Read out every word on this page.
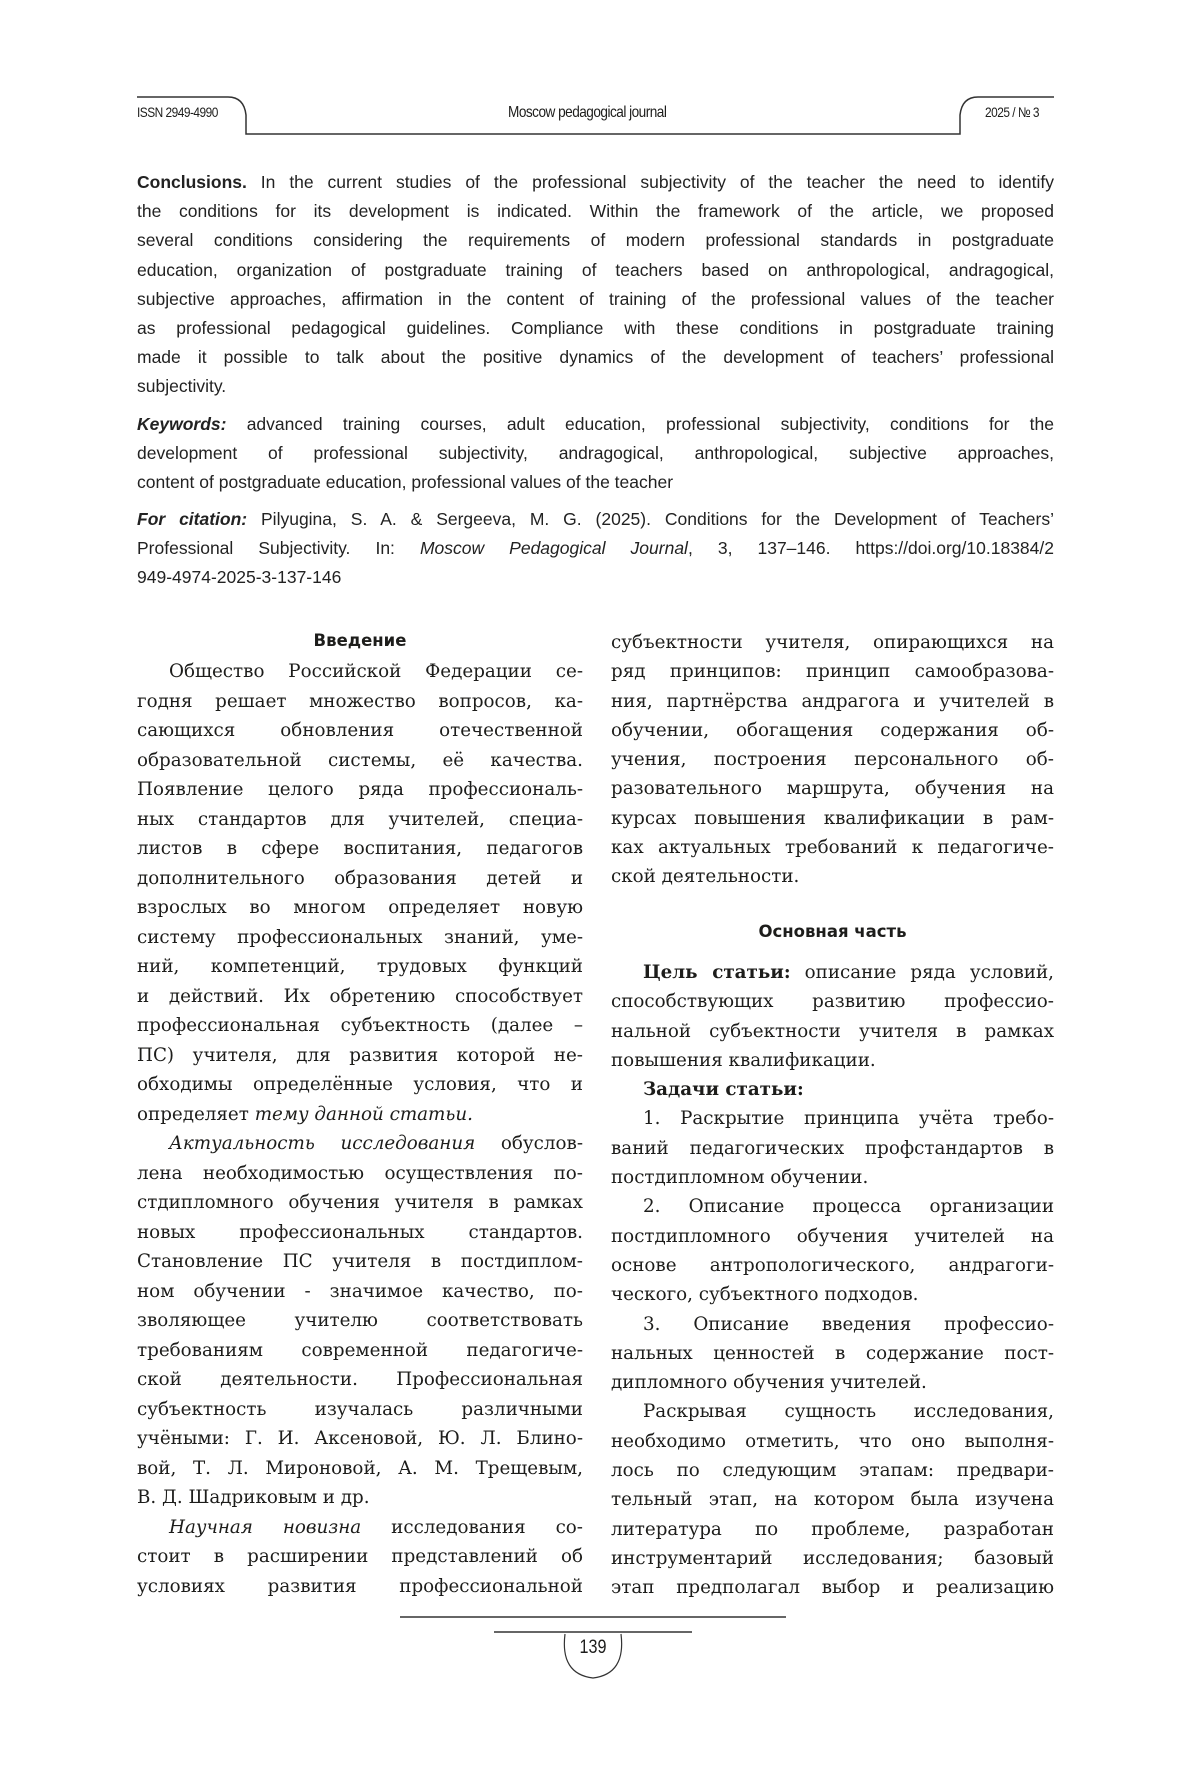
ISSN 2949-4990	Moscow pedagogical journal	2025 / № 3
Conclusions. In the current studies of the professional subjectivity of the teacher the need to identify
the conditions for its development is indicated. Within the framework of the article, we proposed
several conditions considering the requirements of modern professional standards in postgraduate
education, organization of postgraduate training of teachers based on anthropological, andragogical,
subjective approaches, affirmation in the content of training of the professional values of the teacher
as professional pedagogical guidelines. Compliance with these conditions in postgraduate training
made it possible to talk about the positive dynamics of the development of teachers’ professional
subjectivity.
Keywords: advanced training courses, adult education, professional subjectivity, conditions for the
development of professional subjectivity, andragogical, anthropological, subjective approaches,
content of postgraduate education, professional values of the teacher
For citation: Pilyugina, S. A. & Sergeeva, M. G. (2025). Conditions for the Development of Teachers’
Professional Subjectivity. In: Moscow Pedagogical Journal, 3, 137–146. https://doi.org/10.18384/2
949-4974-2025-3-137-146
Введение
Общество Российской Федерации се-
годня решает множество вопросов, ка-
сающихся обновления отечественной
образовательной системы, её качества.
Появление целого ряда профессиональ-
ных стандартов для учителей, специа-
листов в сфере воспитания, педагогов
дополнительного образования детей и
взрослых во многом определяет новую
систему профессиональных знаний, уме-
ний, компетенций, трудовых функций
и действий. Их обретению способствует
профессиональная субъектность (далее –
ПС) учителя, для развития которой не-
обходимы определённые условия, что и
определяет тему данной статьи.
Актуальность исследования обуслов-
лена необходимостью осуществления по-
стдипломного обучения учителя в рамках
новых профессиональных стандартов.
Становление ПС учителя в постдиплом-
ном обучении - значимое качество, по-
зволяющее учителю соответствовать
требованиям современной педагогиче-
ской деятельности. Профессиональная
субъектность изучалась различными
учёными: Г. И. Аксеновой, Ю. Л. Блино-
вой, Т. Л. Мироновой, А. М. Трещевым,
В. Д. Шадриковым и др.
Научная новизна исследования со-
стоит в расширении представлений об
условиях развития профессиональной
субъектности учителя, опирающихся на
ряд принципов: принцип самообразова-
ния, партнёрства андрагога и учителей в
обучении, обогащения содержания об-
учения, построения персонального об-
разовательного маршрута, обучения на
курсах повышения квалификации в рам-
ках актуальных требований к педагогиче-
ской деятельности.
Основная часть
Цель статьи: описание ряда условий,
способствующих развитию профессио-
нальной субъектности учителя в рамках
повышения квалификации.
Задачи статьи:
1. Раскрытие принципа учёта требо-
ваний педагогических профстандартов в
постдипломном обучении.
2. Описание процесса организации
постдипломного обучения учителей на
основе антропологического, андрагоги-
ческого, субъектного подходов.
3. Описание введения профессио-
нальных ценностей в содержание пост-
дипломного обучения учителей.
Раскрывая сущность исследования,
необходимо отметить, что оно выполня-
лось по следующим этапам: предвари-
тельный этап, на котором была изучена
литература по проблеме, разработан
инструментарий исследования; базовый
этап предполагал выбор и реализацию
139
